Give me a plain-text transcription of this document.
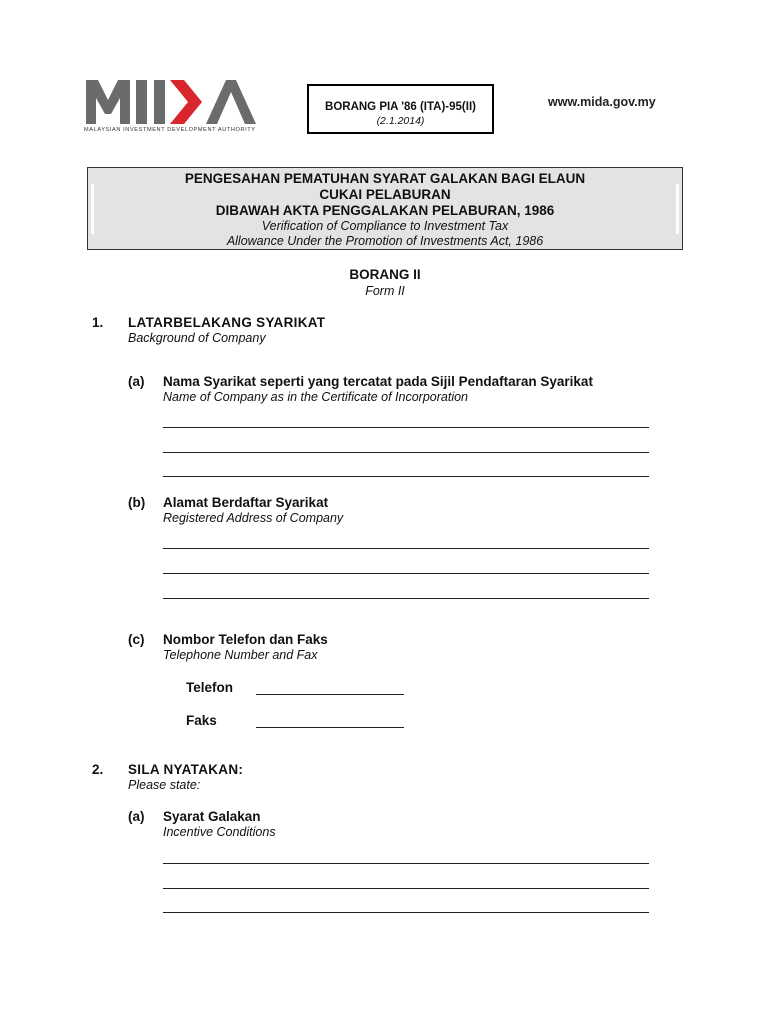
MALAYSIAN INVESTMENT DEVELOPMENT AUTHORITY
BORANG PIA '86 (ITA)-95(II)
(2.1.2014)
www.mida.gov.my
PENGESAHAN PEMATUHAN SYARAT GALAKAN BAGI ELAUN
CUKAI PELABURAN
DIBAWAH AKTA PENGGALAKAN PELABURAN, 1986
Verification of Compliance to Investment Tax
Allowance Under the Promotion of Investments Act, 1986
BORANG II
Form II
1. LATARBELAKANG SYARIKAT
Background of Company
(a) Nama Syarikat seperti yang tercatat pada Sijil Pendaftaran Syarikat
Name of Company as in the Certificate of Incorporation
(b) Alamat Berdaftar Syarikat
Registered Address of Company
(c) Nombor Telefon dan Faks
Telephone Number and Fax
Telefon
Faks
2. SILA NYATAKAN:
Please state:
(a) Syarat Galakan
Incentive Conditions
